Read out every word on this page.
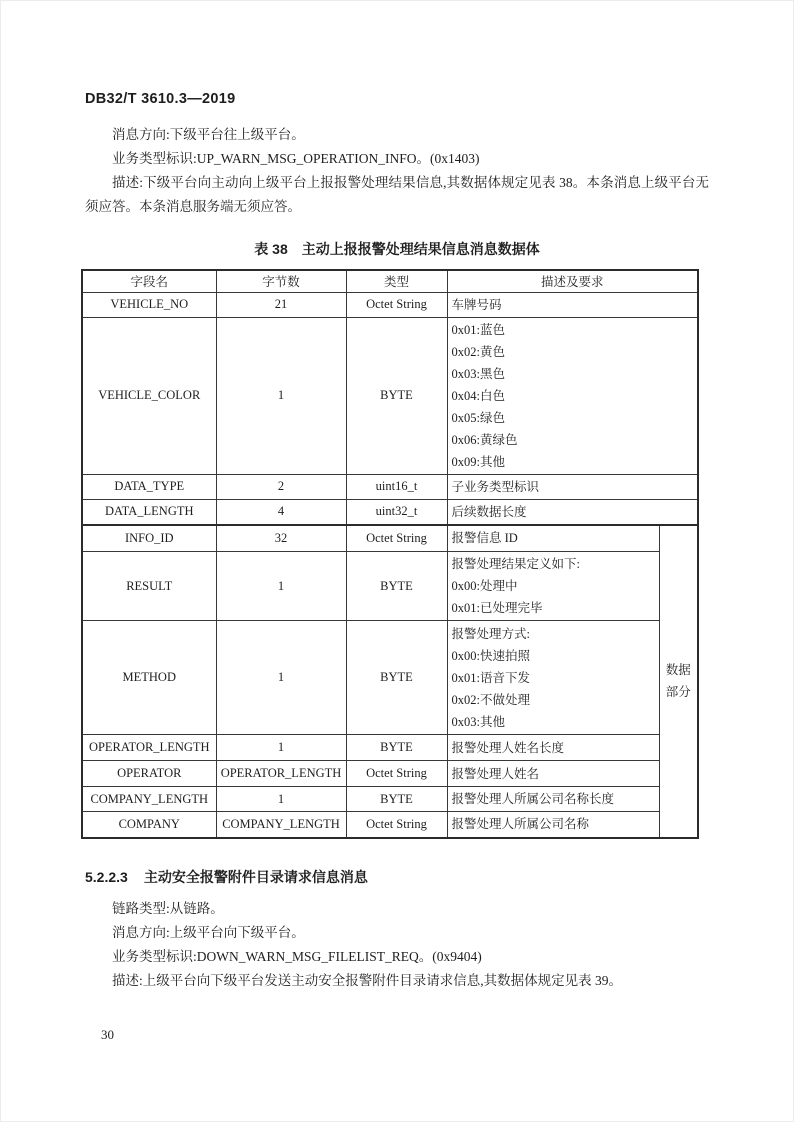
DB32/T 3610.3—2019

消息方向:下级平台往上级平台。

业务类型标识:UP_WARN_MSG_OPERATION_INFO。(0x1403)

描述:下级平台向主动向上级平台上报报警处理结果信息,其数据体规定见表 38。本条消息上级平台无须应答。本条消息服务端无须应答。

表 38 主动上报报警处理结果信息消息数据体
字段名	字节数	类型	描述及要求	
VEHICLE_NO	21	Octet String	车牌号码	

VEHICLE_COLOR	1	BYTE	
0x01:蓝色
0x02:黄色
0x03:黑色
0x04:白色
0x05:绿色
0x06:黄绿色
0x09:其他

DATA_TYPE	2	uint16_t	子业务类型标识	

DATA_LENGTH	4	uint32_t	后续数据长度	

INFO_ID	32	Octet String	报警信息 ID	数据部分
RESULT	1	BYTE	报警处理结果定义如下:
0x00:处理中
0x01:已处理完毕	

METHOD	1	BYTE	报警处理方式:
0x00:快速拍照
0x01:语音下发
0x02:不做处理
0x03:其他	

OPERATOR_LENGTH	1	BYTE	报警处理人姓名长度	

OPERATOR	OPERATOR_LENGTH	Octet String	报警处理人姓名	

COMPANY_LENGTH	1	BYTE	报警处理人所属公司名称长度	

COMPANY	COMPANY_LENGTH	Octet String	报警处理人所属公司名称	
5.2.2.3 主动安全报警附件目录请求信息消息

链路类型:从链路。

消息方向:上级平台向下级平台。

业务类型标识:DOWN_WARN_MSG_FILELIST_REQ。(0x9404)

描述:上级平台向下级平台发送主动安全报警附件目录请求信息,其数据体规定见表 39。

30
